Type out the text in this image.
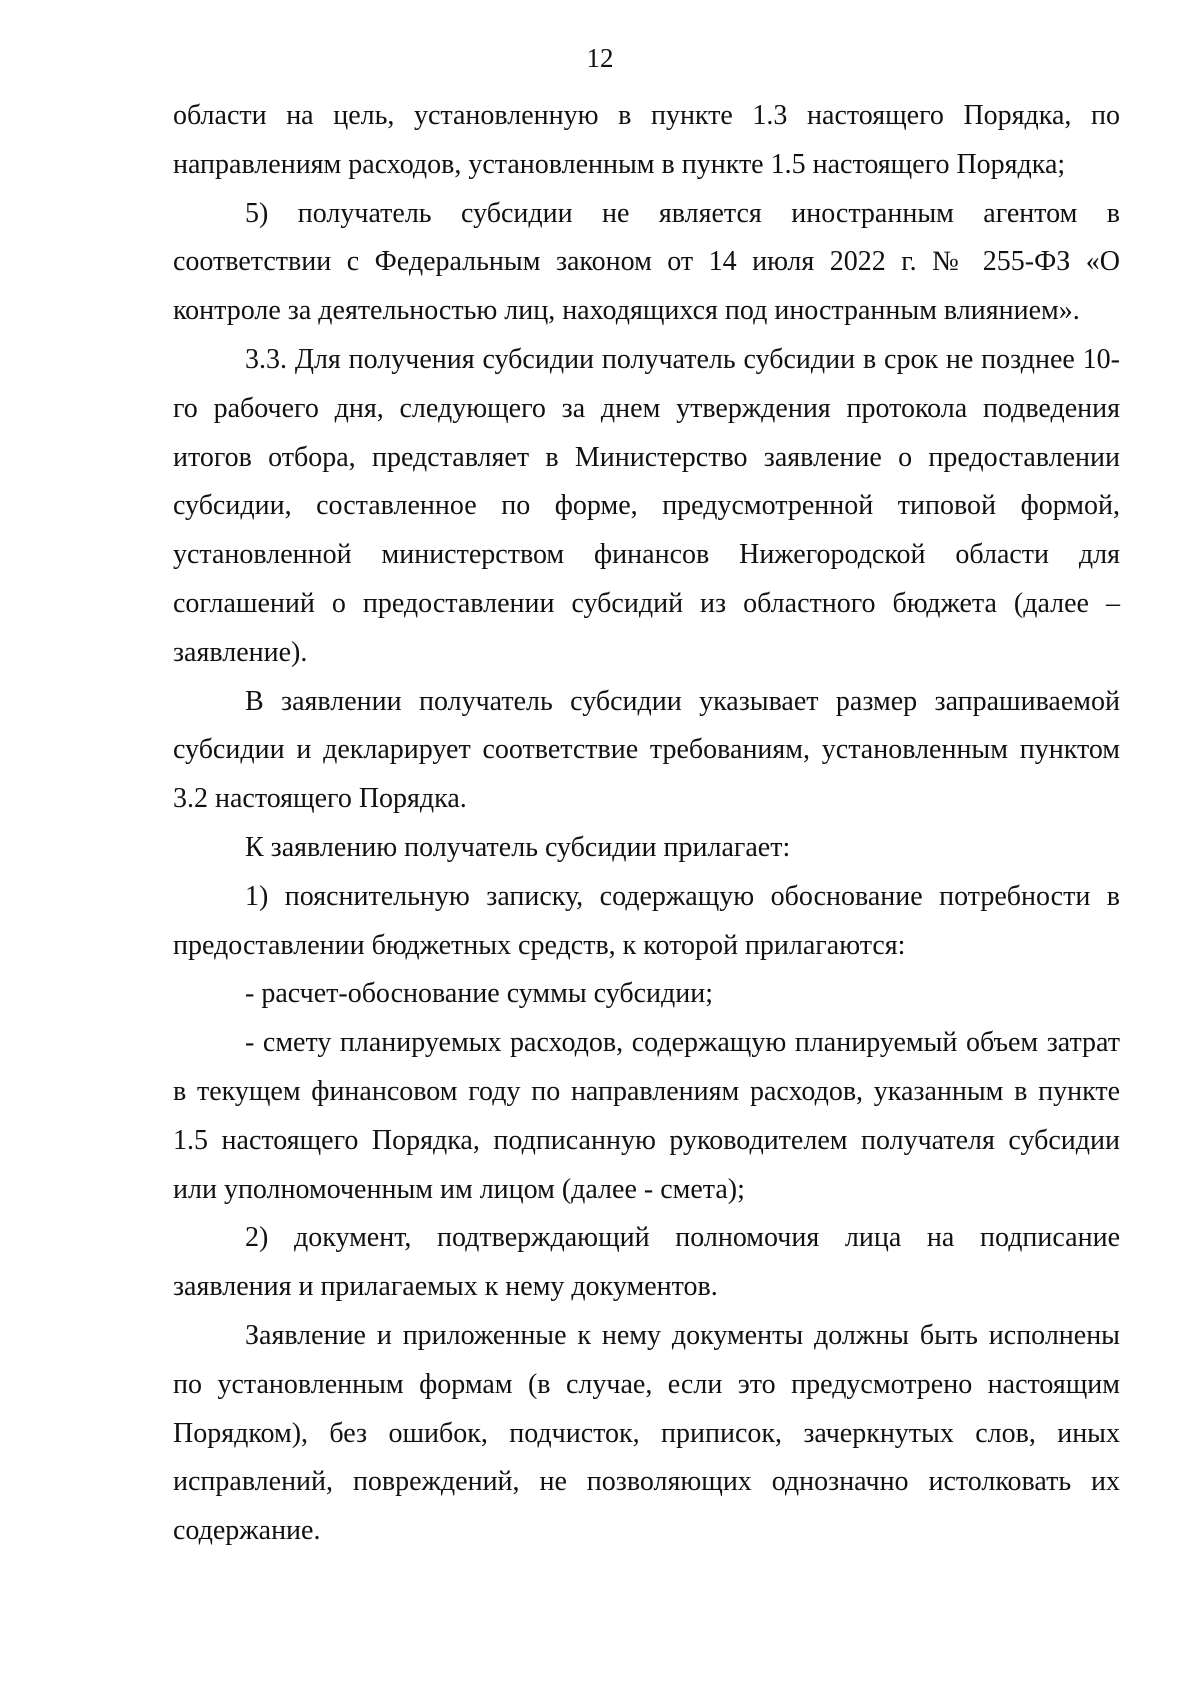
12

области на цель, установленную в пункте 1.3 настоящего Порядка, по направлениям расходов, установленным в пункте 1.5 настоящего Порядка;

5) получатель субсидии не является иностранным агентом в соответствии с Федеральным законом от 14 июля 2022 г. № 255-ФЗ «О контроле за деятельностью лиц, находящихся под иностранным влиянием».

3.3. Для получения субсидии получатель субсидии в срок не позднее 10-го рабочего дня, следующего за днем утверждения протокола подведения итогов отбора, представляет в Министерство заявление о предоставлении субсидии, составленное по форме, предусмотренной типовой формой, установленной министерством финансов Нижегородской области для соглашений о предоставлении субсидий из областного бюджета (далее – заявление).

В заявлении получатель субсидии указывает размер запрашиваемой субсидии и декларирует соответствие требованиям, установленным пунктом 3.2 настоящего Порядка.

К заявлению получатель субсидии прилагает:

1) пояснительную записку, содержащую обоснование потребности в предоставлении бюджетных средств, к которой прилагаются:

- расчет-обоснование суммы субсидии;

- смету планируемых расходов, содержащую планируемый объем затрат в текущем финансовом году по направлениям расходов, указанным в пункте 1.5 настоящего Порядка, подписанную руководителем получателя субсидии или уполномоченным им лицом (далее - смета);

2) документ, подтверждающий полномочия лица на подписание заявления и прилагаемых к нему документов.

Заявление и приложенные к нему документы должны быть исполнены по установленным формам (в случае, если это предусмотрено настоящим Порядком), без ошибок, подчисток, приписок, зачеркнутых слов, иных исправлений, повреждений, не позволяющих однозначно истолковать их содержание.
